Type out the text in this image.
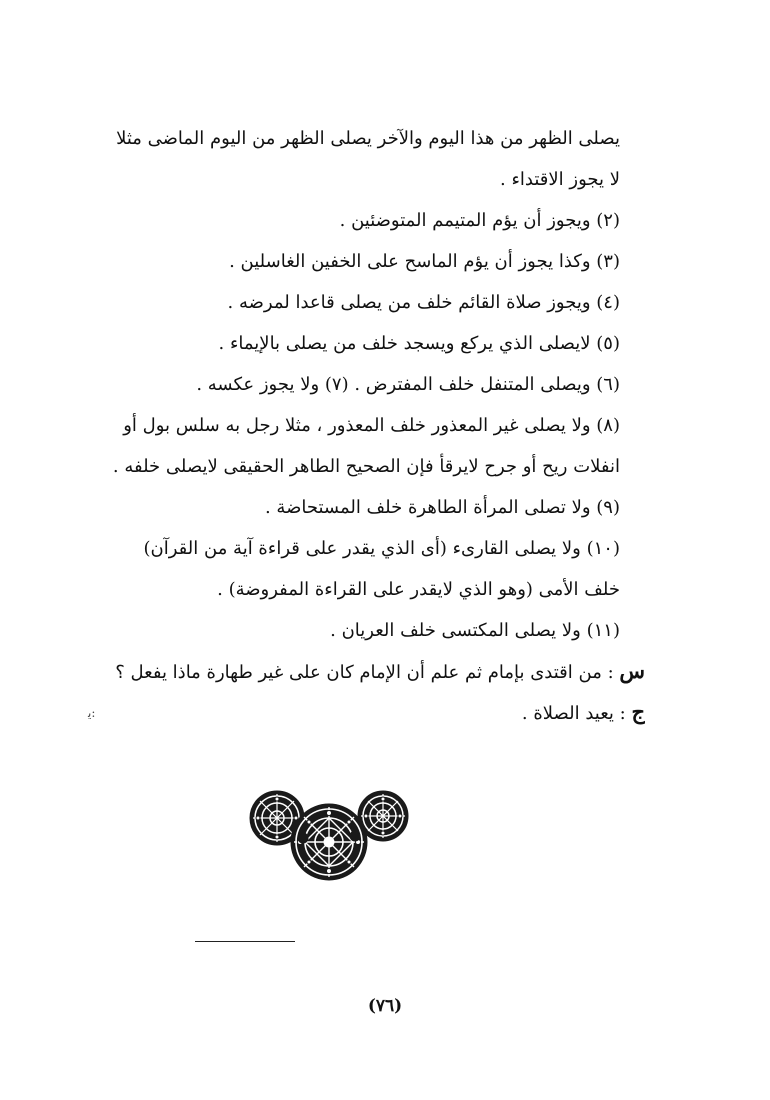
يصلى الظهر من هذا اليوم والآخر يصلى الظهر من اليوم الماضى مثلا
لا يجوز الاقتداء .
(٢) ويجوز أن يؤم المتيمم المتوضئين .
(٣) وكذا يجوز أن يؤم الماسح على الخفين الغاسلين .
(٤) ويجوز صلاة القائم خلف من يصلى قاعدا لمرضه .
(٥) لايصلى الذي يركع ويسجد خلف من يصلى بالإيماء .
(٦) ويصلى المتنفل خلف المفترض . (٧) ولا يجوز عكسه .
(٨) ولا يصلى غير المعذور خلف المعذور ، مثلا رجل به سلس بول أو
انفلات ريح أو جرح لايرقأ فإن الصحيح الطاهر الحقيقى لايصلى خلفه .
(٩) ولا تصلى المرأة الطاهرة خلف المستحاضة .
(١٠) ولا يصلى القارىء (أى الذي يقدر على قراءة آية من القرآن)
خلف الأمى (وهو الذي لايقدر على القراءة المفروضة) .
(١١) ولا يصلى المكتسى خلف العريان .
س : من اقتدى بإمام ثم علم أن الإمام كان على غير طهارة ماذا يفعل ؟
ج : يعيد الصلاة .
ﯾ:
(٧٦)
